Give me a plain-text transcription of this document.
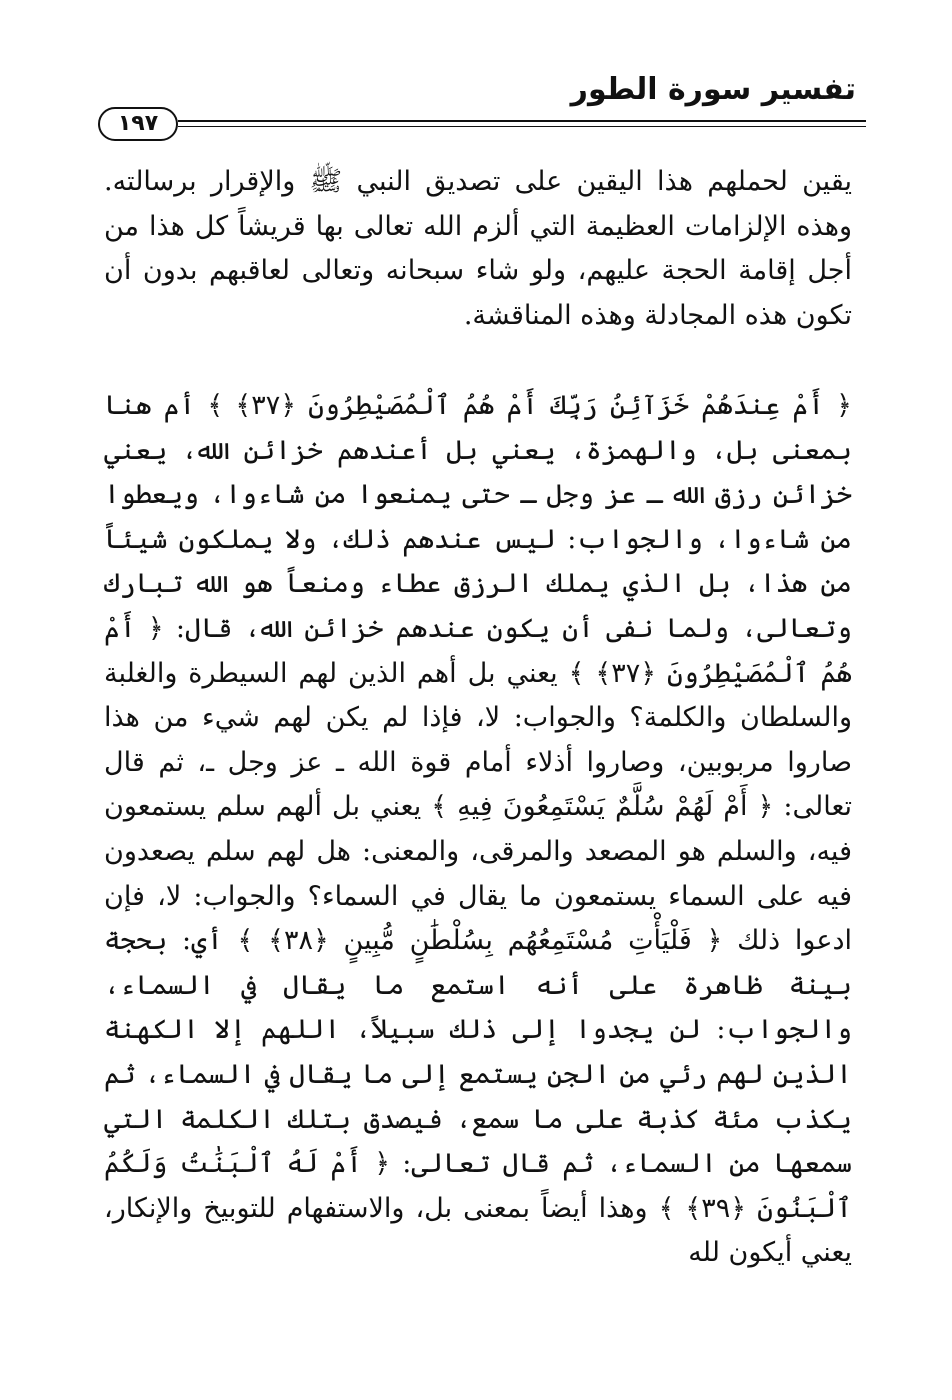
تفسير سورة الطور
١٩٧

يقين لحملهم هذا اليقين على تصديق النبي ﷺ والإقرار برسالته. وهذه الإلزامات العظيمة التي ألزم الله تعالى بها قريشاً كل هذا من أجل إقامة الحجة عليهم، ولو شاء سبحانه وتعالى لعاقبهم بدون أن تكون هذه المجادلة وهذه المناقشة.

﴿ أَمْ عِندَهُمْ خَزَآئِنُ رَبِّكَ أَمْ هُمُ ٱلْمُصَيْطِرُونَ ﴿٣٧﴾ ﴾ أم هنا بمعنى بل، والهمزة، يعني بل أعندهم خزائن الله، يعني خزائن رزق الله ـ عز وجل ـ حتى يمنعوا من شاءوا، ويعطوا من شاءوا، والجواب: ليس عندهم ذلك، ولا يملكون شيئاً من هذا، بل الذي يملك الرزق عطاء ومنعاً هو الله تبارك وتعالى، ولما نفى أن يكون عندهم خزائن الله، قال: ﴿ أَمْ هُمُ ٱلْمُصَيْطِرُونَ ﴿٣٧﴾ ﴾ يعني بل أهم الذين لهم السيطرة والغلبة والسلطان والكلمة؟ والجواب: لا، فإذا لم يكن لهم شيء من هذا صاروا مربوبين، وصاروا أذلاء أمام قوة الله ـ عز وجل ـ، ثم قال تعالى: ﴿ أَمْ لَهُمْ سُلَّمٌ يَسْتَمِعُونَ فِيهِ ﴾ يعني بل ألهم سلم يستمعون فيه، والسلم هو المصعد والمرقى، والمعنى: هل لهم سلم يصعدون فيه على السماء يستمعون ما يقال في السماء؟ والجواب: لا، فإن ادعوا ذلك ﴿ فَلْيَأْتِ مُسْتَمِعُهُم بِسُلْطَٰنٍ مُّبِينٍ ﴿٣٨﴾ ﴾ أي: بحجة بينة ظاهرة على أنه استمع ما يقال في السماء، والجواب: لن يجدوا إلى ذلك سبيلاً، اللهم إلا الكهنة الذين لهم رئي من الجن يستمع إلى ما يقال في السماء، ثم يكذب مئة كذبة على ما سمع، فيصدق بتلك الكلمة التي سمعها من السماء، ثم قال تعالى: ﴿ أَمْ لَهُ ٱلْبَنَٰتُ وَلَكُمُ ٱلْبَنُونَ ﴿٣٩﴾ ﴾ وهذا أيضاً بمعنى بل، والاستفهام للتوبيخ والإنكار، يعني أيكون لله
